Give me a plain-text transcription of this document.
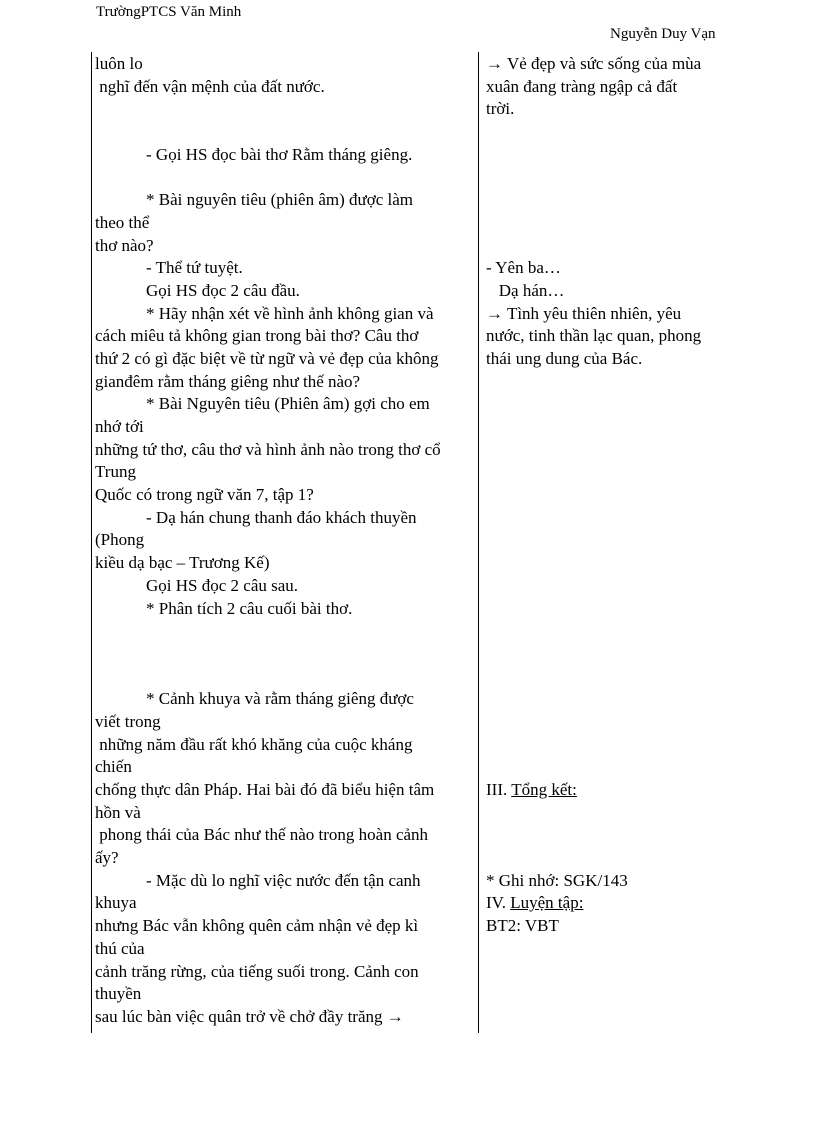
TrườngPTCS Văn Minh
Nguyễn Duy Vạn
luôn lo
nghĩ đến vận mệnh của đất nước.

- Gọi HS đọc bài thơ Rằm tháng giêng.

* Bài nguyên tiêu (phiên âm) được làm
theo thể
thơ nào?
- Thể tứ tuyệt.
Gọi HS đọc 2 câu đầu.
* Hãy nhận xét về hình ảnh không gian và
cách miêu tả không gian trong bài thơ? Câu thơ
thứ 2 có gì đặc biệt về từ ngữ và vẻ đẹp của không
gianđêm rằm tháng giêng như thế nào?
* Bài Nguyên tiêu (Phiên âm) gợi cho em
nhớ tới
những tứ thơ, câu thơ và hình ảnh nào trong thơ cổ
Trung
Quốc có trong ngữ văn 7, tập 1?
- Dạ hán chung thanh đáo khách thuyền
(Phong
kiều dạ bạc – Trương Kế)
Gọi HS đọc 2 câu sau.
* Phân tích 2 câu cuối bài thơ.

* Cảnh khuya và rằm tháng giêng được
viết trong
những năm đầu rất khó khăng của cuộc kháng
chiến
chống thực dân Pháp. Hai bài đó đã biểu hiện tâm
hồn và
phong thái của Bác như thế nào trong hoàn cảnh
ấy?
- Mặc dù lo nghĩ việc nước đến tận canh
khuya
nhưng Bác vẫn không quên cảm nhận vẻ đẹp kì
thú của
cảnh trăng rừng, của tiếng suối trong. Cảnh con
thuyền
sau lúc bàn việc quân trở về chở đầy trăng →
→ Vẻ đẹp và sức sống của mùa
xuân đang tràng ngập cả đất
trời.

- Yên ba…
Dạ hán…
→ Tình yêu thiên nhiên, yêu
nước, tinh thần lạc quan, phong
thái ung dung của Bác.

III. Tổng kết:

* Ghi nhớ: SGK/143
IV. Luyện tập:
BT2: VBT
